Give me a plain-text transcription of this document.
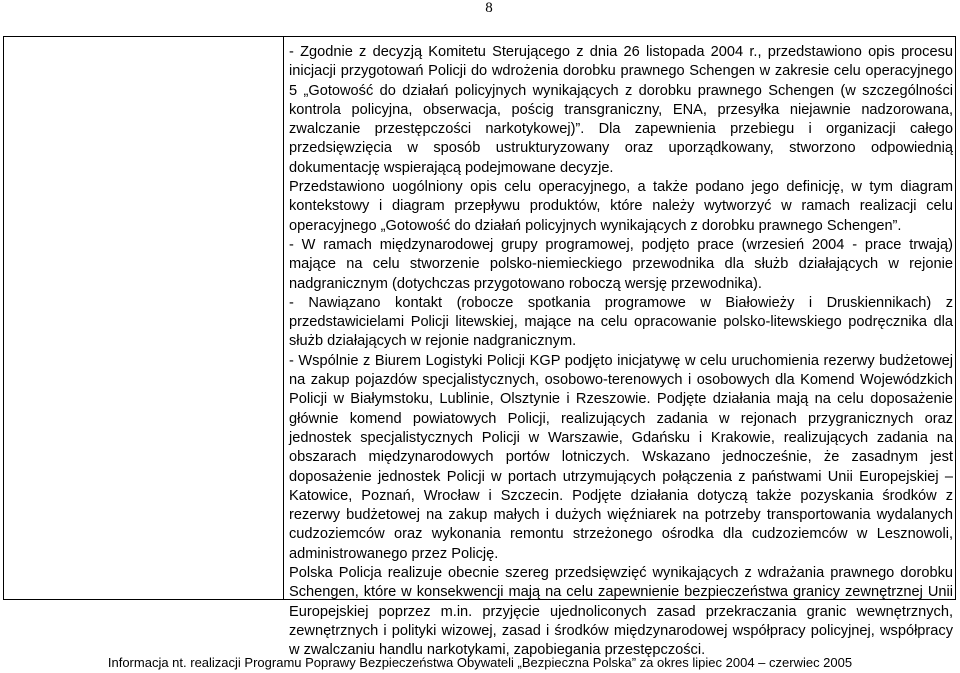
8

- Zgodnie z decyzją Komitetu Sterującego z dnia 26 listopada 2004 r., przedstawiono opis procesu inicjacji przygotowań Policji do wdrożenia dorobku prawnego Schengen w zakresie celu operacyjnego 5 „Gotowość do działań policyjnych wynikających z dorobku prawnego Schengen (w szczególności kontrola policyjna, obserwacja, pościg transgraniczny, ENA, przesyłka niejawnie nadzorowana, zwalczanie przestępczości narkotykowej)”. Dla zapewnienia przebiegu i organizacji całego przedsięwzięcia w sposób ustrukturyzowany oraz uporządkowany, stworzono odpowiednią dokumentację wspierającą podejmowane decyzje.

Przedstawiono uogólniony opis celu operacyjnego, a także podano jego definicję, w tym diagram kontekstowy i diagram przepływu produktów, które należy wytworzyć w ramach realizacji celu operacyjnego „Gotowość do działań policyjnych wynikających z dorobku prawnego Schengen”.

- W ramach międzynarodowej grupy programowej, podjęto prace (wrzesień 2004 - prace trwają) mające na celu stworzenie polsko-niemieckiego przewodnika dla służb działających w rejonie nadgranicznym (dotychczas przygotowano roboczą wersję przewodnika).

- Nawiązano kontakt (robocze spotkania programowe w Białowieży i Druskiennikach) z przedstawicielami Policji litewskiej, mające na celu opracowanie polsko-litewskiego podręcznika dla służb działających w rejonie nadgranicznym.

- Wspólnie z Biurem Logistyki Policji KGP podjęto inicjatywę w celu uruchomienia rezerwy budżetowej na zakup pojazdów specjalistycznych, osobowo-terenowych i osobowych dla Komend Wojewódzkich Policji w Białymstoku, Lublinie, Olsztynie i Rzeszowie. Podjęte działania mają na celu doposażenie głównie komend powiatowych Policji, realizujących zadania w rejonach przygranicznych oraz jednostek specjalistycznych Policji w Warszawie, Gdańsku i Krakowie, realizujących zadania na obszarach międzynarodowych portów lotniczych. Wskazano jednocześnie, że zasadnym jest doposażenie jednostek Policji w portach utrzymujących połączenia z państwami Unii Europejskiej – Katowice, Poznań, Wrocław i Szczecin. Podjęte działania dotyczą także pozyskania środków z rezerwy budżetowej na zakup małych i dużych więźniarek na potrzeby transportowania wydalanych cudzoziemców oraz wykonania remontu strzeżonego ośrodka dla cudzoziemców w Lesznowoli, administrowanego przez Policję.

Polska Policja realizuje obecnie szereg przedsięwzięć wynikających z wdrażania prawnego dorobku Schengen, które w konsekwencji mają na celu zapewnienie bezpieczeństwa granicy zewnętrznej Unii Europejskiej poprzez m.in. przyjęcie ujednoliconych zasad przekraczania granic wewnętrznych, zewnętrznych i polityki wizowej, zasad i środków międzynarodowej współpracy policyjnej, współpracy w zwalczaniu handlu narkotykami, zapobiegania przestępczości.

Informacja nt. realizacji Programu Poprawy Bezpieczeństwa Obywateli „Bezpieczna Polska” za okres lipiec 2004 – czerwiec 2005
